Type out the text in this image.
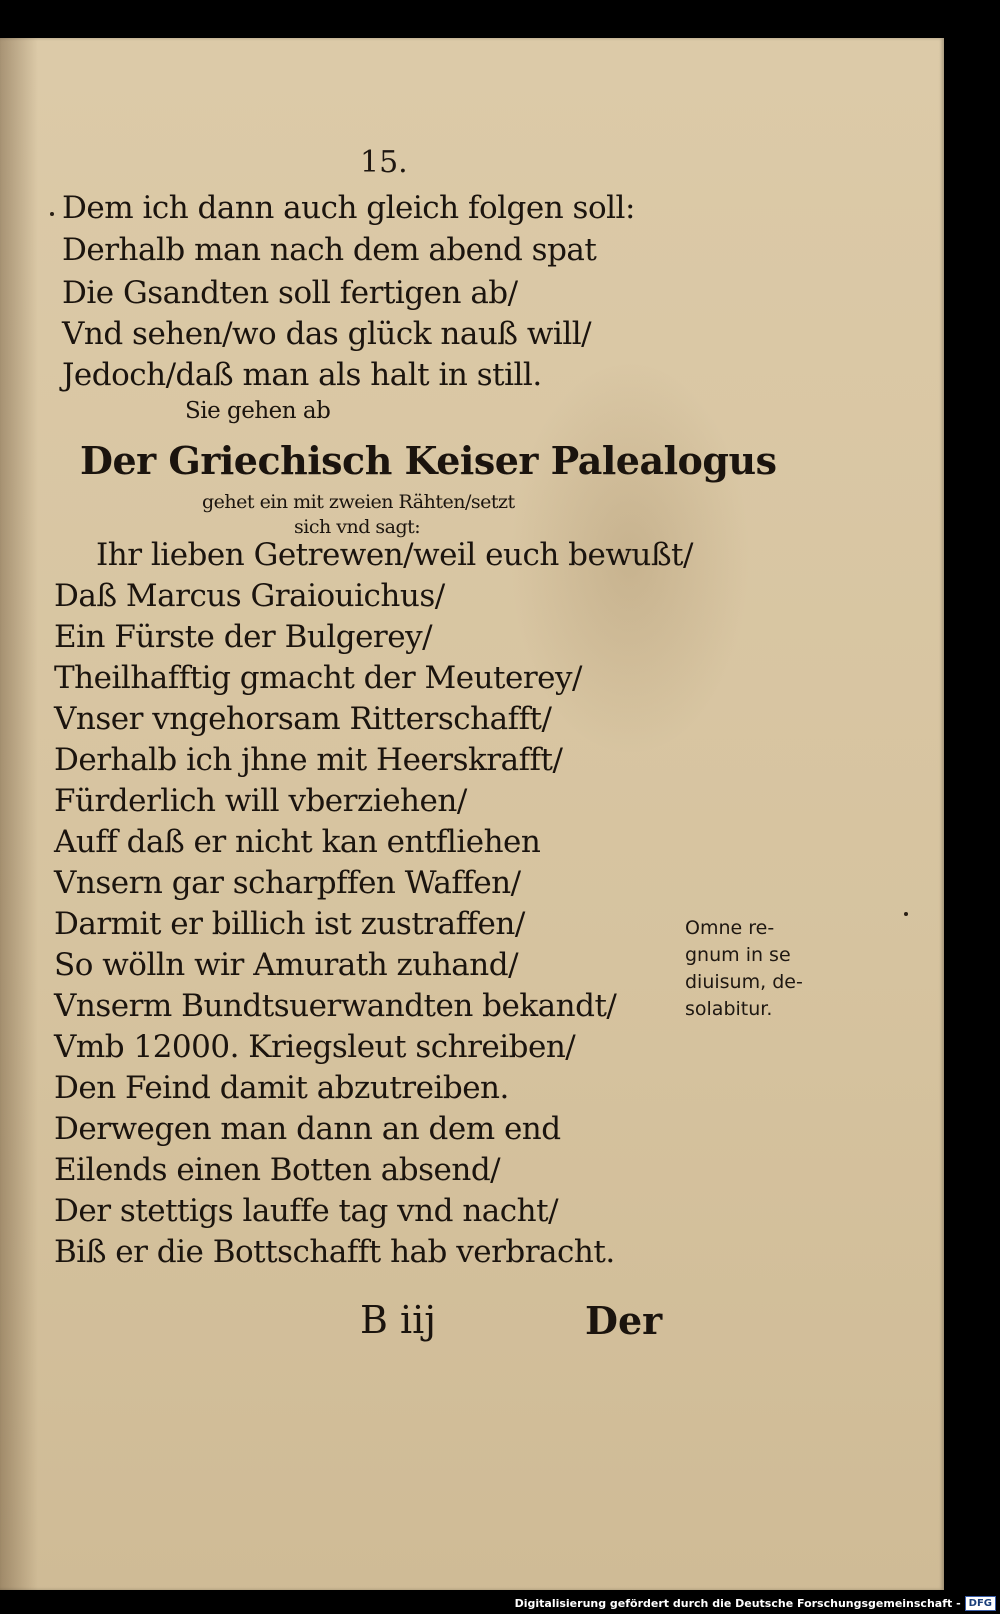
15.
Dem ich dann auch gleich folgen soll:
Derhalb man nach dem abend spat
Die Gsandten soll fertigen ab/
Vnd sehen/wo das glück nauß will/
Jedoch/daß man als halt in still.
Sie gehen ab
Der Griechisch Keiser Palealogus
gehet ein mit zweien Rähten/setzt
sich vnd sagt:
Ihr lieben Getrewen/weil euch bewußt/
Daß Marcus Graiouichus/
Ein Fürste der Bulgerey/
Theilhafftig gmacht der Meuterey/
Vnser vngehorsam Ritterschafft/
Derhalb ich jhne mit Heerskrafft/
Fürderlich will vberziehen/
Auff daß er nicht kan entfliehen
Vnsern gar scharpffen Waffen/
Darmit er billich ist zustraffen/
So wölln wir Amurath zuhand/
Vnserm Bundtsuerwandten bekandt/
Vmb 12000. Kriegsleut schreiben/
Den Feind damit abzutreiben.
Derwegen man dann an dem end
Eilends einen Botten absend/
Der stettigs lauffe tag vnd nacht/
Biß er die Bottschafft hab verbracht.
Omne re-
gnum in se
diuisum, de-
solabitur.
B iij	Der
Digitalisierung gefördert durch die Deutsche Forschungsgemeinschaft - DFG
